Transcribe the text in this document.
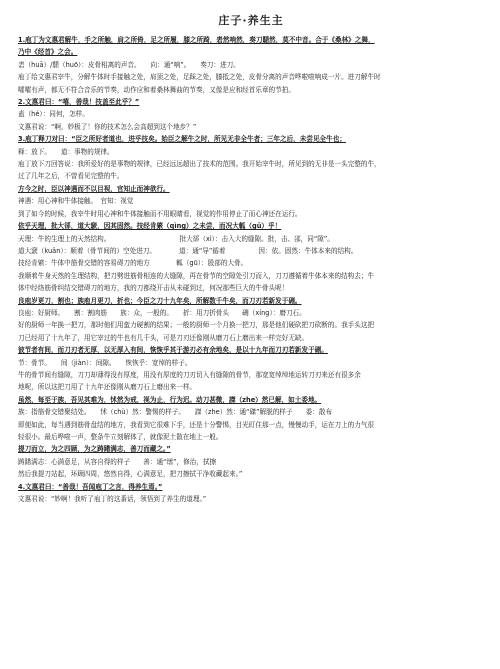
庄子·养生主
1.庖丁为文惠君解牛，手之所触，肩之所倚，足之所履，膝之所踦，砉然响然，奏刀騞然，莫不中音。合于《桑林》之舞，
乃中《经首》之会。
砉（huā）/騞（huō）：皮骨相离的声音。　　向：通“响”。　　奏刀：进刀。
庖丁给文惠君宰牛，分解牛体时手接触之处，肩顶之处，足踩之处，膝抵之处，皮骨分离的声音哗啦啦响成一片。进刀解牛时
嚯嚯有声，都无不符合音乐的节奏，动作应和着桑林舞曲的节奏，又像是应和经首乐章的节拍。
2.文惠君曰：“嘻，善哉！技盖至此乎？”
盍（hé）：同何，怎样。
文惠君说：“啊，妙极了！你的技术怎么会高超到这个地步？”
3.庖丁释刀对曰：“臣之所好者道也，进乎技矣。始臣之解牛之时，所见无非全牛者；三年之后，未尝见全牛也；
释：放下。　　道：事物的规律。
庖丁放下刀回答说：我所爱好的是事物的规律，已经远远超出了技术的范围。我开始宰牛时，所见到的无非是一头完整的牛，
过了几年之后，不曾看见完整的牛。
方今之时，臣以神遇而不以目视，官知止而神欲行。
神遇：用心神和牛体接触。　官知：视觉
到了如今的时候，我宰牛时用心神和牛体接触而不用眼睛看，视觉的作用停止了而心神还在运行。
依乎天理，批大郤，道大窾，因其固然。技经肯綮（qìng）之未尝，而况大軱（gū）乎！
天理：牛的生理上的天然结构。　　　　　　　　　　　批大郤（xì）：击入大的缝隙。批，击、邵，同“隙”。
道大窾（kuǎn）：顺着（骨节间的）空处进刀。　　　　道：通“导”循着　　　　　因：依。固然：牛体本来的结构。
技经肯綮：牛体中筋骨交错的容易碍刀的地方　　　　軱（gū）：股部的大骨。
我顺着牛身天然的生理结构，把刀劈进筋骨相连的大缝隙，再在骨节的空隙处引刀而入，刀刀遵循着牛体本来的结构去；牛
体中经络筋骨纠结交错碍刀的地方，我的刀都绕开击从未碰到过，何况那些巨大的牛骨头呢！
良庖岁更刀，割也；族庖月更刀，折也；今臣之刀十九年矣，所解数千牛矣，而刀刃若新发于硎。
良庖：好厨师。　　割：割肉筋　　族：众，一般的。　　折：用刀折骨头　　硎（xíng）：磨刀石。
好的厨师一年换一把刀，那时他们用蛮力硬割的结果；一般的厨师一个月换一把刀，那是他们硬砍把刀砍断的。我手头这把
刀已经用了十九年了，用它宰过的牛也有几千头，可是刀刃还像刚从磨刀石上磨出来一样完好无缺。
彼节者有间，而刀刃者无厚，以无厚入有间，恢恢乎其于游刃必有余地矣，是以十九年而刀刃若新发于硎。
节：骨节。　　间（jiàn）：间隙。　　恢恢乎：宽绰的样子。
牛的骨节间有缝隙，刀刀却薄得没有厚度，用没有厚度的刀刃切入有缝隙的骨节，那宽宽绰绰地运转刀刃来还有很多余
地呢，所以这把刀用了十九年还像刚从磨刀石上磨出来一样。
虽然，每至于族，吾见其难为，怵然为戒，视为止，行为迟。动刀甚微，謋（zhe）然已解，如土委地。
族：指筋骨交错聚结处。　　怵（chù）然：警惕的样子。　　謋（zhe）然：通“磔”解脱的样子　　委：散布
即便如此，每当遇到筋骨盘结的地方，我看到它很难下手，还是十分警惕，目光盯住那一点，慢慢动手，运在刀上的力气很
轻很小。最后哗啦一声，整条牛立刻解体了，就像泥土散在地上一般。
提刀而立，为之四顾，为之踌躇满志，善刀而藏之。”
踌躇满志：心满意足，从容自得的样子　　善：通“缮”，修治，拭擦
然后我提刀站起，环顾四周，悠然自得，心满意足，把刀擦拭干净收藏起来。”
4.文惠君曰：“善哉！吾闻庖丁之言，得养生焉。”
文惠君说：“妙啊！我听了庖丁的这番话，领悟到了养生的道理。”
